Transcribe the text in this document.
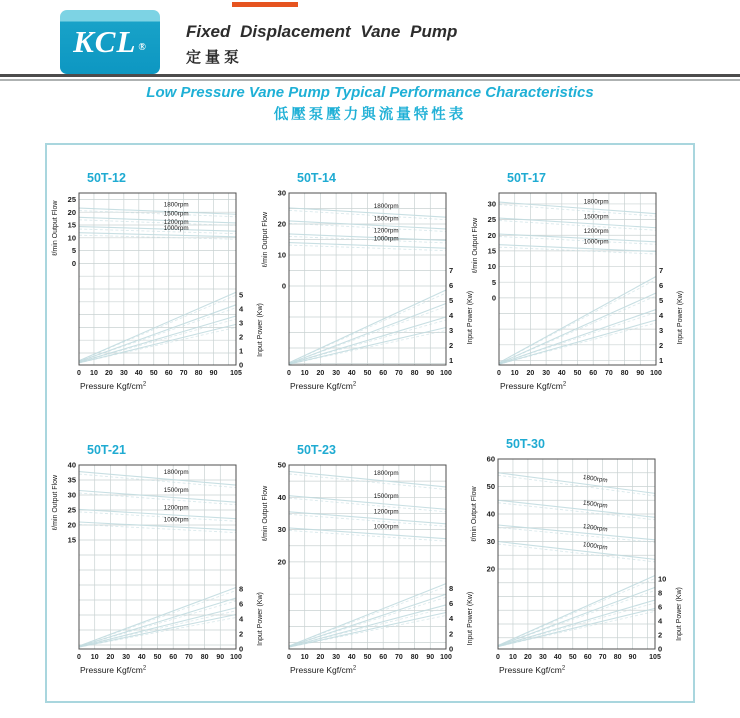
KCL ®
Fixed Displacement Vane Pump
定量泵
Low Pressure Vane Pump Typical Performance Characteristics
低壓泵壓力與流量特性表
50T-12
25
20
15
10
5
0
5
4
3
2
1
0
0 10 20 30 40 50 60 70 80 90 105
ℓ/min Output Flow
Input Power (Kw)
Pressure Kgf/$cm^2$
1800rpm
1500rpm
1200rpm
1000rpm
50T-14
30
20
10
0
7
6
5
4
3
2
1
0 10 20 30 40 50 60 70 80 90 100
ℓ/min Output Flow
Input Power (Kw)
Pressure Kgf/$cm^2$
1800rpm
1500rpm
1200rpm
1000rpm
50T-17
30
25
20
15
10
5
0
7
6
5
4
3
2
1
0 10 20 30 40 50 60 70 80 90 100
ℓ/min Output Flow
Input Power (Kw)
Pressure Kgf/$cm^2$
1800rpm
1500rpm
1200rpm
1000rpm
50T-21
40
35
30
25
20
15
8
6
4
2
0
0 10 20 30 40 50 60 70 80 90 100
ℓ/min Output Flow
Input Power (Kw)
Pressure Kgf/$cm^2$
1800rpm
1500rpm
1200rpm
1000rpm
50T-23
50
40
30
20
8
6
4
2
0
0 10 20 30 40 50 60 70 80 90 100
ℓ/min Output Flow
Input Power (Kw)
Pressure Kgf/$cm^2$
1800rpm
1500rpm
1200rpm
1000rpm
50T-30
60
50
40
30
20
10
8
6
4
2
0
0 10 20 30 40 50 60 70 80 90 105
ℓ/min Output Flow
Input Power (Kw)
Pressure Kgf/$cm^2$
1800rpm
1500rpm
1200rpm
1000rpm
